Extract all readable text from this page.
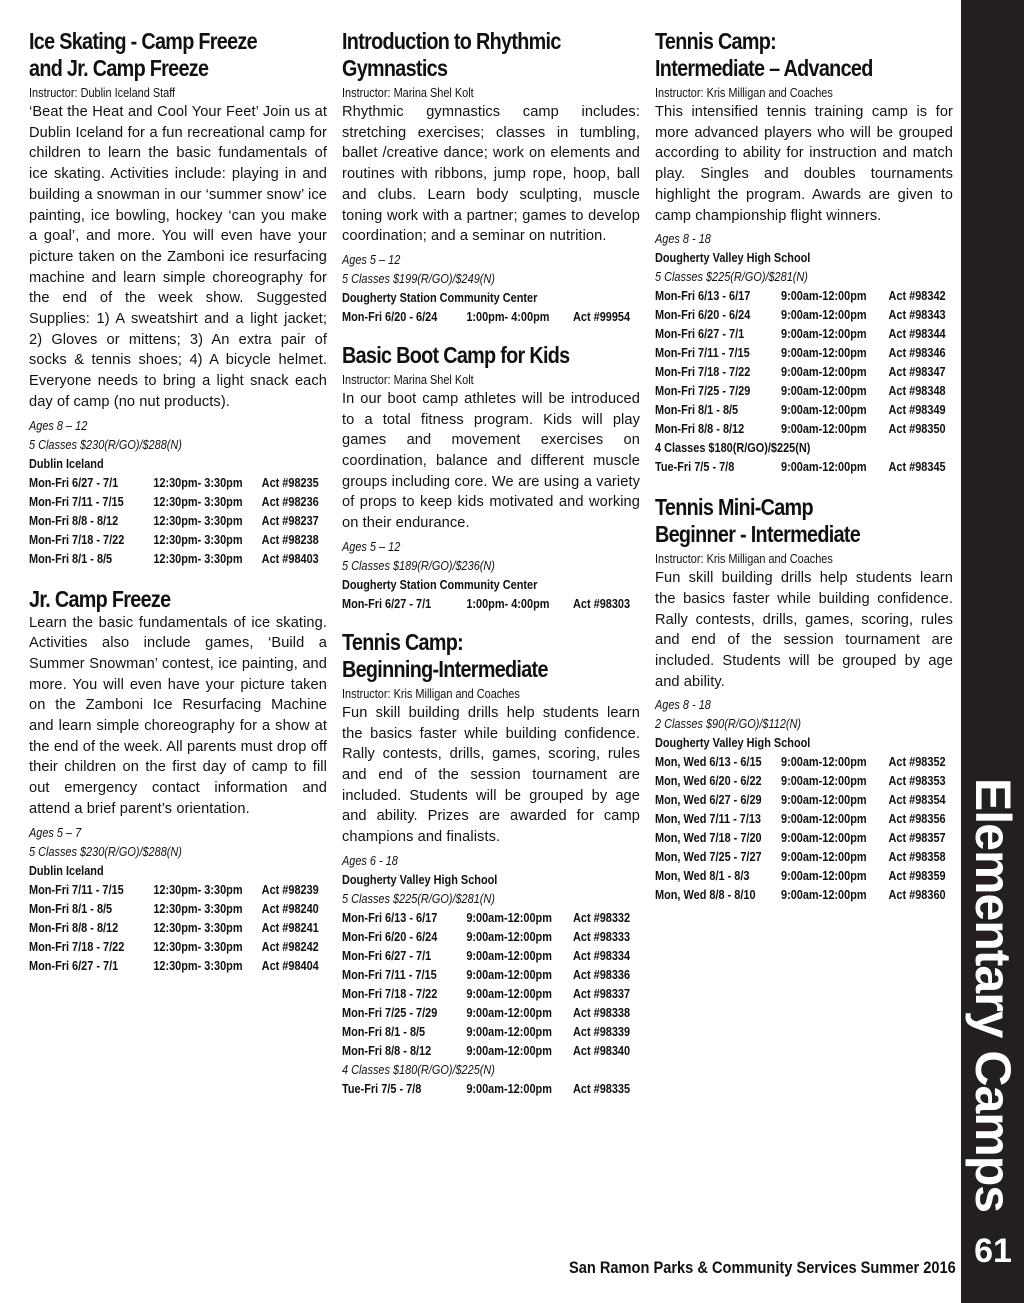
Ice Skating - Camp Freeze
and Jr. Camp Freeze
Instructor: Dublin Iceland Staff

‘Beat the Heat and Cool Your Feet’ Join us at Dublin Iceland for a fun recreational camp for children to learn the basic fundamentals of ice skating. Activities include: playing in and building a snowman in our ‘summer snow’ ice painting, ice bowling, hockey ‘can you make a goal’, and more. You will even have your picture taken on the Zamboni ice resurfacing machine and learn simple choreography for the end of the week show. Suggested Supplies: 1) A sweatshirt and a light jacket; 2) Gloves or mittens; 3) An extra pair of socks & tennis shoes; 4) A bicycle helmet. Everyone needs to bring a light snack each day of camp (no nut products).

Ages 8 – 12
5 Classes $230(R/GO)/$288(N)
Dublin Iceland
Mon-Fri 6/27 - 7/1	12:30pm- 3:30pm	Act #98235
Mon-Fri 7/11 - 7/15	12:30pm- 3:30pm	Act #98236
Mon-Fri 8/8 - 8/12	12:30pm- 3:30pm	Act #98237
Mon-Fri 7/18 - 7/22	12:30pm- 3:30pm	Act #98238
Mon-Fri 8/1 - 8/5	12:30pm- 3:30pm	Act #98403
Jr. Camp Freeze

Learn the basic fundamentals of ice skating. Activities also include games, ‘Build a Summer Snowman’ contest, ice painting, and more. You will even have your picture taken on the Zamboni Ice Resurfacing Machine and learn simple choreography for a show at the end of the week. All parents must drop off their children on the first day of camp to fill out emergency contact information and attend a brief parent’s orientation.

Ages 5 – 7
5 Classes $230(R/GO)/$288(N)
Dublin Iceland
Mon-Fri 7/11 - 7/15	12:30pm- 3:30pm	Act #98239
Mon-Fri 8/1 - 8/5	12:30pm- 3:30pm	Act #98240
Mon-Fri 8/8 - 8/12	12:30pm- 3:30pm	Act #98241
Mon-Fri 7/18 - 7/22	12:30pm- 3:30pm	Act #98242
Mon-Fri 6/27 - 7/1	12:30pm- 3:30pm	Act #98404
Introduction to Rhythmic
Gymnastics
Instructor: Marina Shel Kolt

Rhythmic gymnastics camp includes: stretching exercises; classes in tumbling, ballet /creative dance; work on elements and routines with ribbons, jump rope, hoop, ball and clubs. Learn body sculpting, muscle toning work with a partner; games to develop coordination; and a seminar on nutrition.

Ages 5 – 12
5 Classes $199(R/GO)/$249(N)
Dougherty Station Community Center
Mon-Fri 6/20 - 6/24	1:00pm- 4:00pm	Act #99954
Basic Boot Camp for Kids
Instructor: Marina Shel Kolt

In our boot camp athletes will be introduced to a total fitness program. Kids will play games and movement exercises on coordination, balance and different muscle groups including core. We are using a variety of props to keep kids motivated and working on their endurance.

Ages 5 – 12
5 Classes $189(R/GO)/$236(N)
Dougherty Station Community Center
Mon-Fri 6/27 - 7/1	1:00pm- 4:00pm	Act #98303
Tennis Camp:
Beginning-Intermediate
Instructor: Kris Milligan and Coaches

Fun skill building drills help students learn the basics faster while building confidence. Rally contests, drills, games, scoring, rules and end of the session tournament are included. Students will be grouped by age and ability. Prizes are awarded for camp champions and finalists.

Ages 6 - 18
Dougherty Valley High School
5 Classes $225(R/GO)/$281(N)
Mon-Fri 6/13 - 6/17	9:00am-12:00pm	Act #98332
Mon-Fri 6/20 - 6/24	9:00am-12:00pm	Act #98333
Mon-Fri 6/27 - 7/1	9:00am-12:00pm	Act #98334
Mon-Fri 7/11 - 7/15	9:00am-12:00pm	Act #98336
Mon-Fri 7/18 - 7/22	9:00am-12:00pm	Act #98337
Mon-Fri 7/25 - 7/29	9:00am-12:00pm	Act #98338
Mon-Fri 8/1 - 8/5	9:00am-12:00pm	Act #98339
Mon-Fri 8/8 - 8/12	9:00am-12:00pm	Act #98340
4 Classes $180(R/GO)/$225(N)
Tue-Fri 7/5 - 7/8	9:00am-12:00pm	Act #98335
Tennis Camp:
Intermediate – Advanced
Instructor: Kris Milligan and Coaches

This intensified tennis training camp is for more advanced players who will be grouped according to ability for instruction and match play. Singles and doubles tournaments highlight the program. Awards are given to camp championship flight winners.

Ages 8 - 18
Dougherty Valley High School
5 Classes $225(R/GO)/$281(N)
Mon-Fri 6/13 - 6/17	9:00am-12:00pm	Act #98342
Mon-Fri 6/20 - 6/24	9:00am-12:00pm	Act #98343
Mon-Fri 6/27 - 7/1	9:00am-12:00pm	Act #98344
Mon-Fri 7/11 - 7/15	9:00am-12:00pm	Act #98346
Mon-Fri 7/18 - 7/22	9:00am-12:00pm	Act #98347
Mon-Fri 7/25 - 7/29	9:00am-12:00pm	Act #98348
Mon-Fri 8/1 - 8/5	9:00am-12:00pm	Act #98349
Mon-Fri 8/8 - 8/12	9:00am-12:00pm	Act #98350
4 Classes $180(R/GO)/$225(N)
Tue-Fri 7/5 - 7/8	9:00am-12:00pm	Act #98345
Tennis Mini-Camp
Beginner - Intermediate
Instructor: Kris Milligan and Coaches

Fun skill building drills help students learn the basics faster while building confidence. Rally contests, drills, games, scoring, rules and end of the session tournament are included. Students will be grouped by age and ability.

Ages 8 - 18
2 Classes $90(R/GO)/$112(N)
Dougherty Valley High School
Mon, Wed 6/13 - 6/15	9:00am-12:00pm	Act #98352
Mon, Wed 6/20 - 6/22	9:00am-12:00pm	Act #98353
Mon, Wed 6/27 - 6/29	9:00am-12:00pm	Act #98354
Mon, Wed 7/11 - 7/13	9:00am-12:00pm	Act #98356
Mon, Wed 7/18 - 7/20	9:00am-12:00pm	Act #98357
Mon, Wed 7/25 - 7/27	9:00am-12:00pm	Act #98358
Mon, Wed 8/1 - 8/3	9:00am-12:00pm	Act #98359
Mon, Wed 8/8 - 8/10	9:00am-12:00pm	Act #98360 Elementary Camps
61
San Ramon Parks & Community Services Summer 2016
